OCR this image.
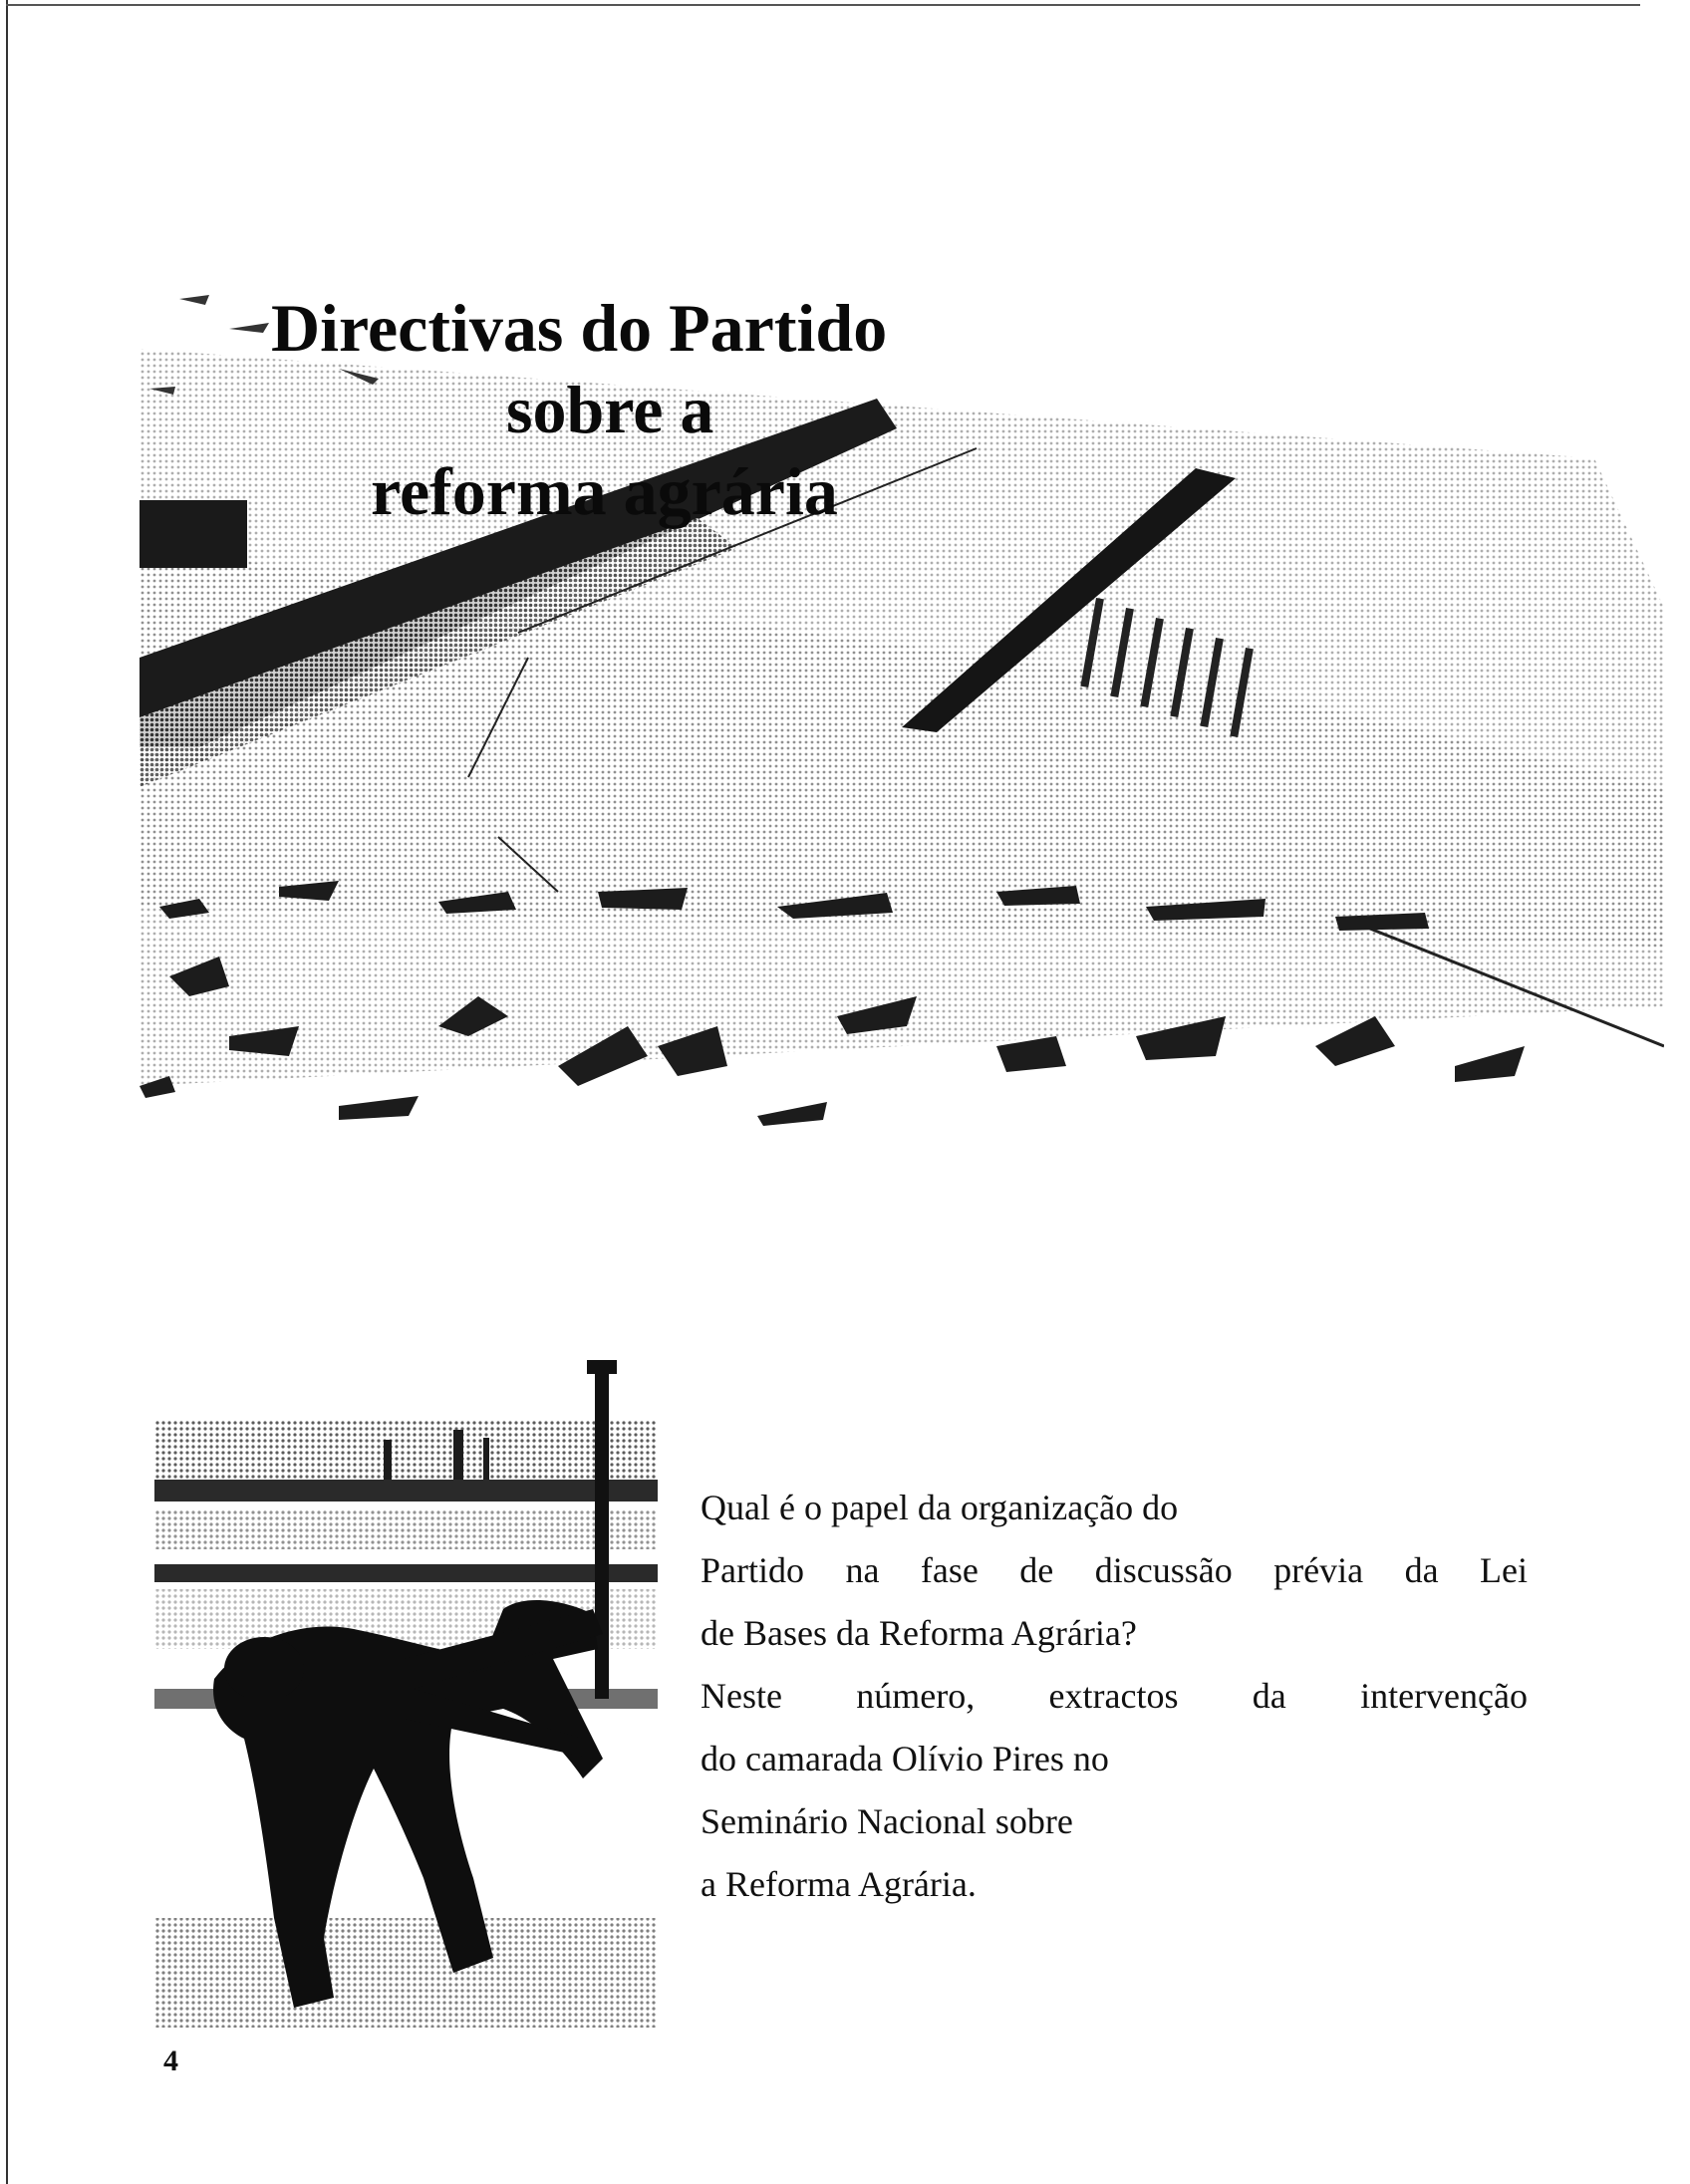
Directivas do Partido
sobre a
reforma agrária

Qual é o papel da organização do
Partido na fase de discussão prévia da Lei
de Bases da Reforma Agrária?
Neste número, extractos da intervenção
do camarada Olívio Pires no
Seminário Nacional sobre
a Reforma Agrária.

4
